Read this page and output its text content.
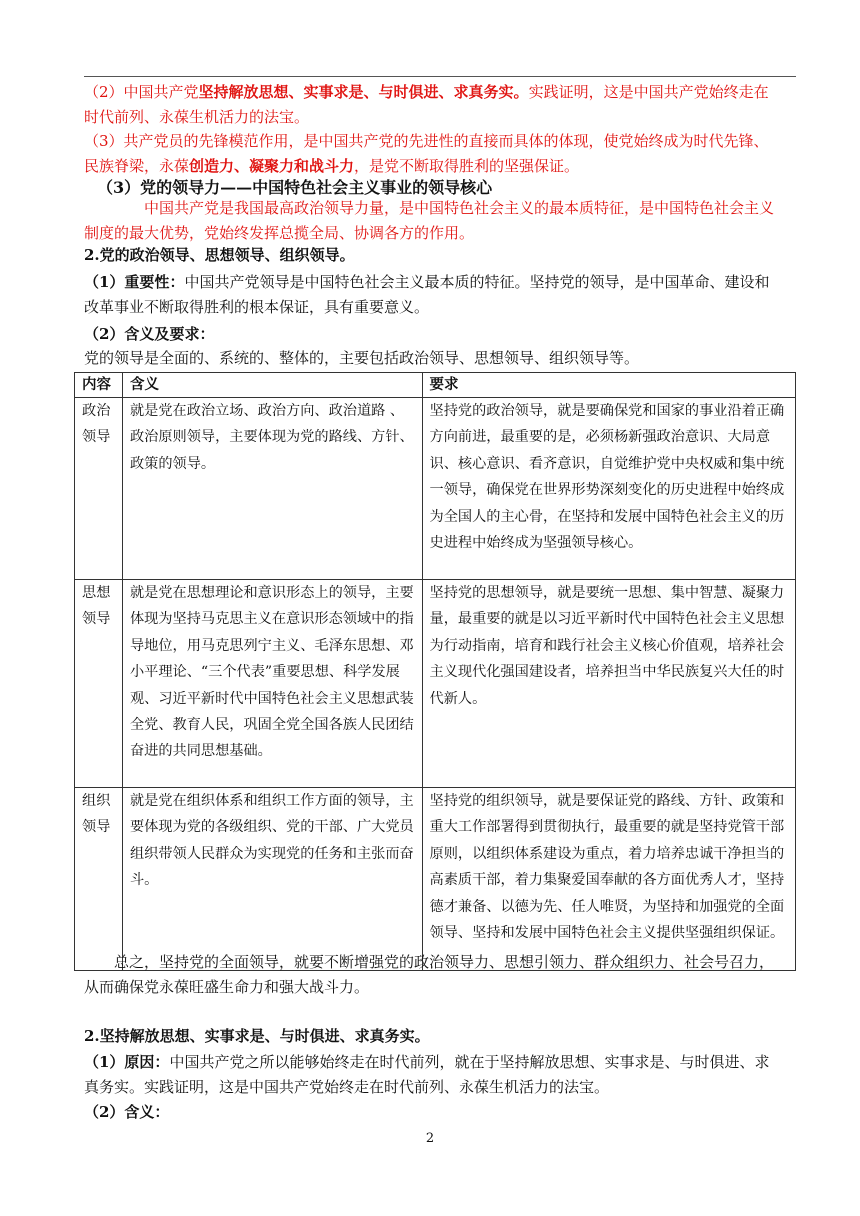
（2）中国共产党坚持解放思想、实事求是、与时俱进、求真务实。实践证明，这是中国共产党始终走在
时代前列、永葆生机活力的法宝。
（3）共产党员的先锋模范作用，是中国共产党的先进性的直接而具体的体现，使党始终成为时代先锋、
民族脊梁，永葆创造力、凝聚力和战斗力，是党不断取得胜利的坚强保证。
（3）党的领导力——中国特色社会主义事业的领导核心
中国共产党是我国最高政治领导力量，是中国特色社会主义的最本质特征，是中国特色社会主义
制度的最大优势，党始终发挥总揽全局、协调各方的作用。
2.党的政治领导、思想领导、组织领导。
（1）重要性：中国共产党领导是中国特色社会主义最本质的特征。坚持党的领导，是中国革命、建设和
改革事业不断取得胜利的根本保证，具有重要意义。
（2）含义及要求：
党的领导是全面的、系统的、整体的，主要包括政治领导、思想领导、组织领导等。
内容	含义	要求
政治
领导	就是党在政治立场、政治方向、政治道路 、政治原则领导，主要体现为党的路线、方针、政策的领导。	坚持党的政治领导，就是要确保党和国家的事业沿着正确方向前进，最重要的是，必须杨新强政治意识、大局意识、核心意识、看齐意识，自觉维护党中央权威和集中统一领导，确保党在世界形势深刻变化的历史进程中始终成为全国人的主心骨，在坚持和发展中国特色社会主义的历史进程中始终成为坚强领导核心。
思想
领导	就是党在思想理论和意识形态上的领导，主要体现为坚持马克思主义在意识形态领域中的指导地位，用马克思列宁主义、毛泽东思想、邓小平理论、“三个代表”重要思想、科学发展观、习近平新时代中国特色社会主义思想武装全党、教育人民，巩固全党全国各族人民团结奋进的共同思想基础。	坚持党的思想领导，就是要统一思想、集中智慧、凝聚力量，最重要的就是以习近平新时代中国特色社会主义思想为行动指南，培育和践行社会主义核心价值观，培养社会主义现代化强国建设者，培养担当中华民族复兴大任的时代新人。
组织
领导	就是党在组织体系和组织工作方面的领导，主要体现为党的各级组织、党的干部、广大党员组织带领人民群众为实现党的任务和主张而奋斗。	坚持党的组织领导，就是要保证党的路线、方针、政策和重大工作部署得到贯彻执行，最重要的就是坚持党管干部原则，以组织体系建设为重点，着力培养忠诚干净担当的高素质干部，着力集聚爱国奉献的各方面优秀人才，坚持德才兼备、以德为先、任人唯贤，为坚持和加强党的全面领导、坚持和发展中国特色社会主义提供坚强组织保证。
总之，坚持党的全面领导，就要不断增强党的政治领导力、思想引领力、群众组织力、社会号召力，
从而确保党永葆旺盛生命力和强大战斗力。
2.坚持解放思想、实事求是、与时俱进、求真务实。
（1）原因：中国共产党之所以能够始终走在时代前列，就在于坚持解放思想、实事求是、与时俱进、求
真务实。实践证明，这是中国共产党始终走在时代前列、永葆生机活力的法宝。
（2）含义：
2
